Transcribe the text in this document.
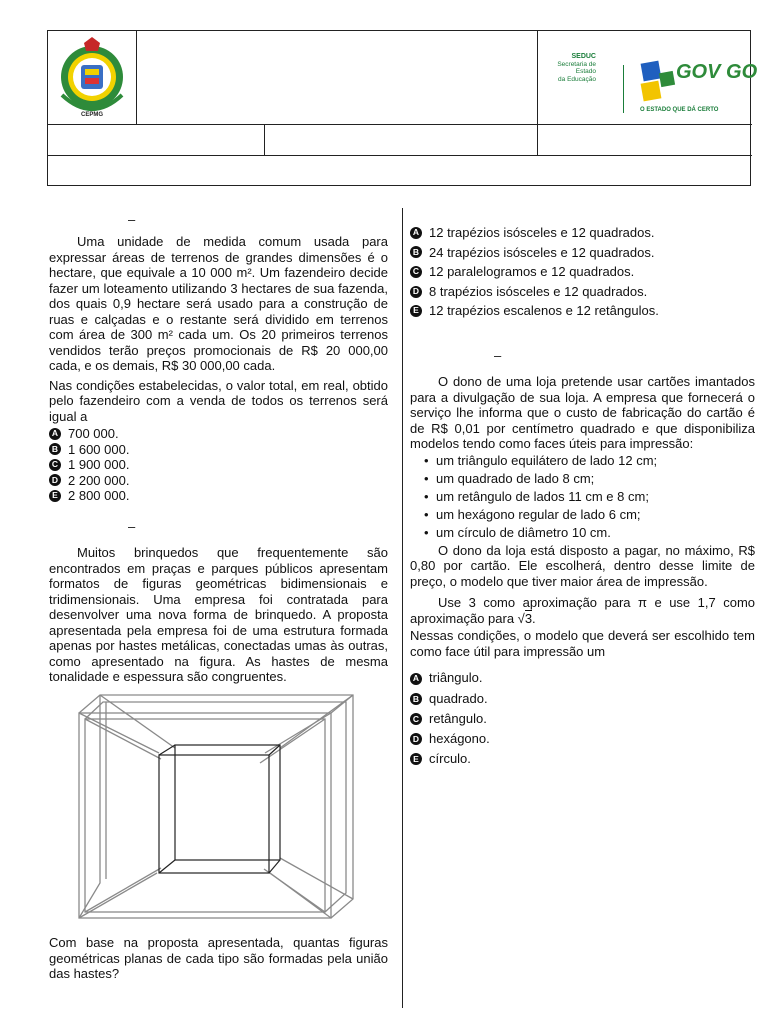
CEPMG
SEDUC
Secretaria de Estado
da Educação	GOV GO
O ESTADO QUE DÁ CERTO
–

Uma unidade de medida comum usada para expressar áreas de terrenos de grandes dimensões é o hectare, que equivale a 10 000 m². Um fazendeiro decide fazer um loteamento utilizando 3 hectares de sua fazenda, dos quais 0,9 hectare será usado para a construção de ruas e calçadas e o restante será dividido em terrenos com área de 300 m² cada um. Os 20 primeiros terrenos vendidos terão preços promocionais de R$ 20 000,00 cada, e os demais, R$ 30 000,00 cada.

Nas condições estabelecidas, o valor total, em real, obtido pelo fazendeiro com a venda de todos os terrenos será igual a

A 700 000.
B 1 600 000.
C 1 900 000.
D 2 200 000.
E 2 800 000.
–

Muitos brinquedos que frequentemente são encontrados em praças e parques públicos apresentam formatos de figuras geométricas bidimensionais e tridimensionais. Uma empresa foi contratada para desenvolver uma nova forma de brinquedo. A proposta apresentada pela empresa foi de uma estrutura formada apenas por hastes metálicas, conectadas umas às outras, como apresentado na figura. As hastes de mesma tonalidade e espessura são congruentes.

Com base na proposta apresentada, quantas figuras geométricas planas de cada tipo são formadas pela união das hastes?

A 12 trapézios isósceles e 12 quadrados.
B 24 trapézios isósceles e 12 quadrados.
C 12 paralelogramos e 12 quadrados.
D 8 trapézios isósceles e 12 quadrados.
E 12 trapézios escalenos e 12 retângulos.
–

O dono de uma loja pretende usar cartões imantados para a divulgação de sua loja. A empresa que fornecerá o serviço lhe informa que o custo de fabricação do cartão é de R$ 0,01 por centímetro quadrado e que disponibiliza modelos tendo como faces úteis para impressão:

• um triângulo equilátero de lado 12 cm;
• um quadrado de lado 8 cm;
• um retângulo de lados 11 cm e 8 cm;
• um hexágono regular de lado 6 cm;
• um círculo de diâmetro 10 cm.

O dono da loja está disposto a pagar, no máximo, R$ 0,80 por cartão. Ele escolherá, dentro desse limite de preço, o modelo que tiver maior área de impressão.

Use 3 como aproximação para π e use 1,7 como aproximação para √3.

Nessas condições, o modelo que deverá ser escolhido tem como face útil para impressão um

A triângulo.
B quadrado.
C retângulo.
D hexágono.
E círculo.
